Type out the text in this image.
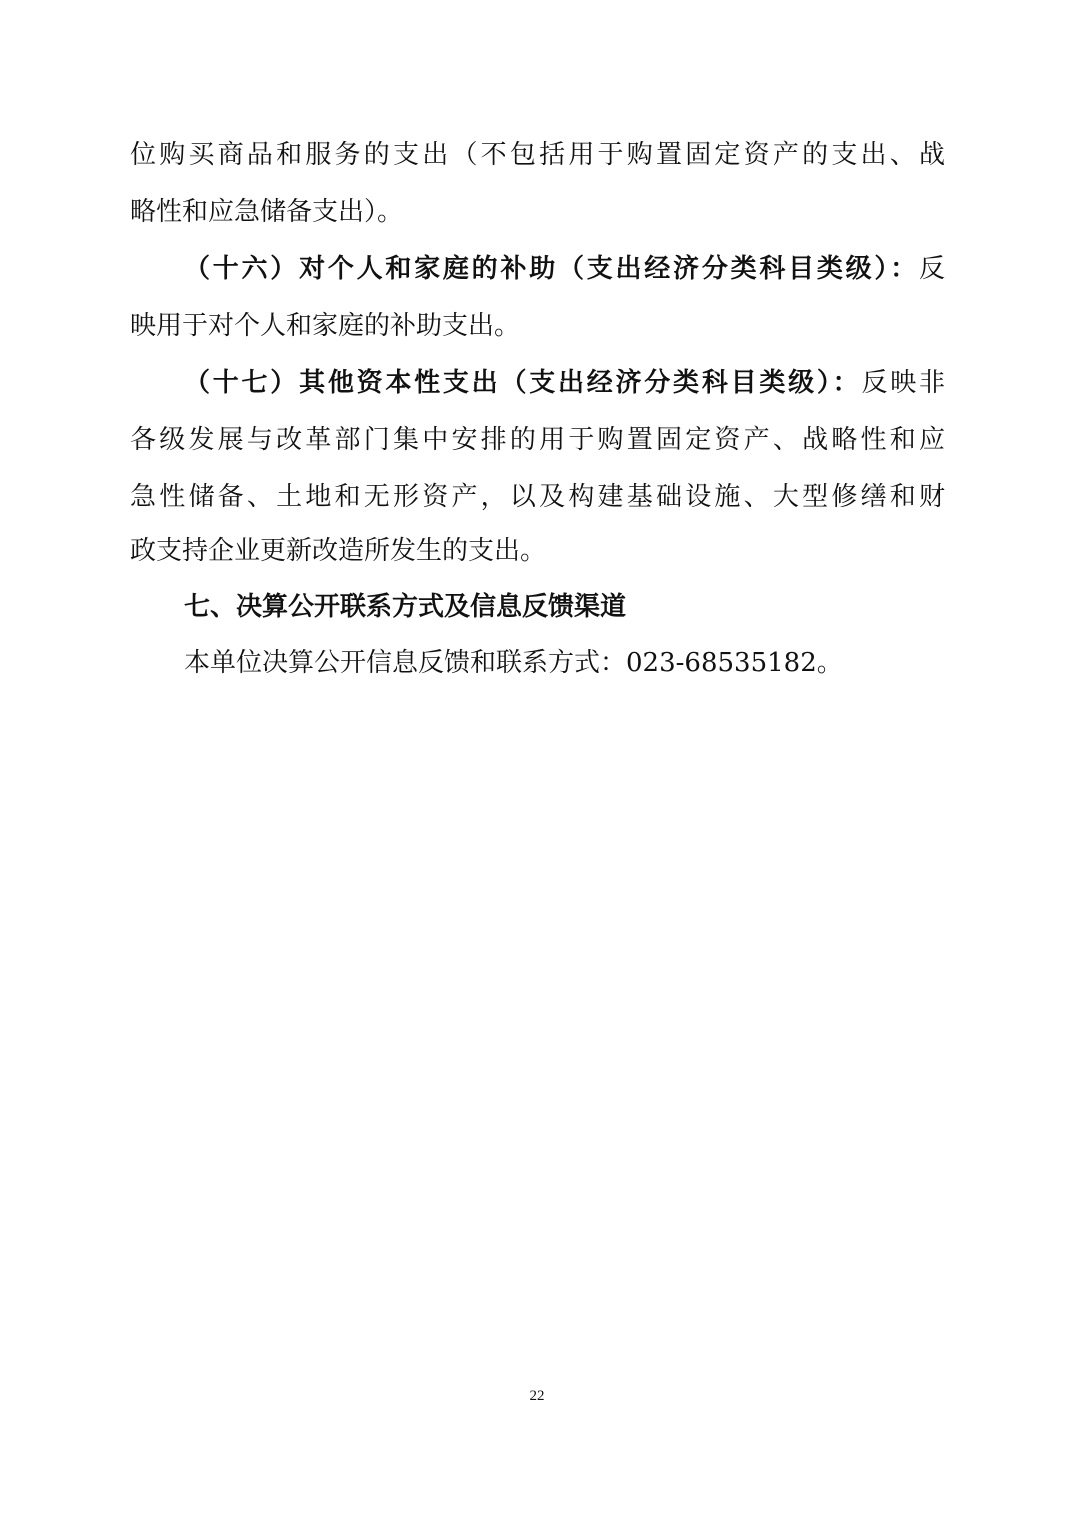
位购买商品和服务的支出（不包括用于购置固定资产的支出、战
略性和应急储备支出）。
（十六）对个人和家庭的补助（支出经济分类科目类级）：反
映用于对个人和家庭的补助支出。
（十七）其他资本性支出（支出经济分类科目类级）：反映非
各级发展与改革部门集中安排的用于购置固定资产、战略性和应
急性储备、土地和无形资产，以及构建基础设施、大型修缮和财
政支持企业更新改造所发生的支出。
七、决算公开联系方式及信息反馈渠道
本单位决算公开信息反馈和联系方式：023-68535182。
22
